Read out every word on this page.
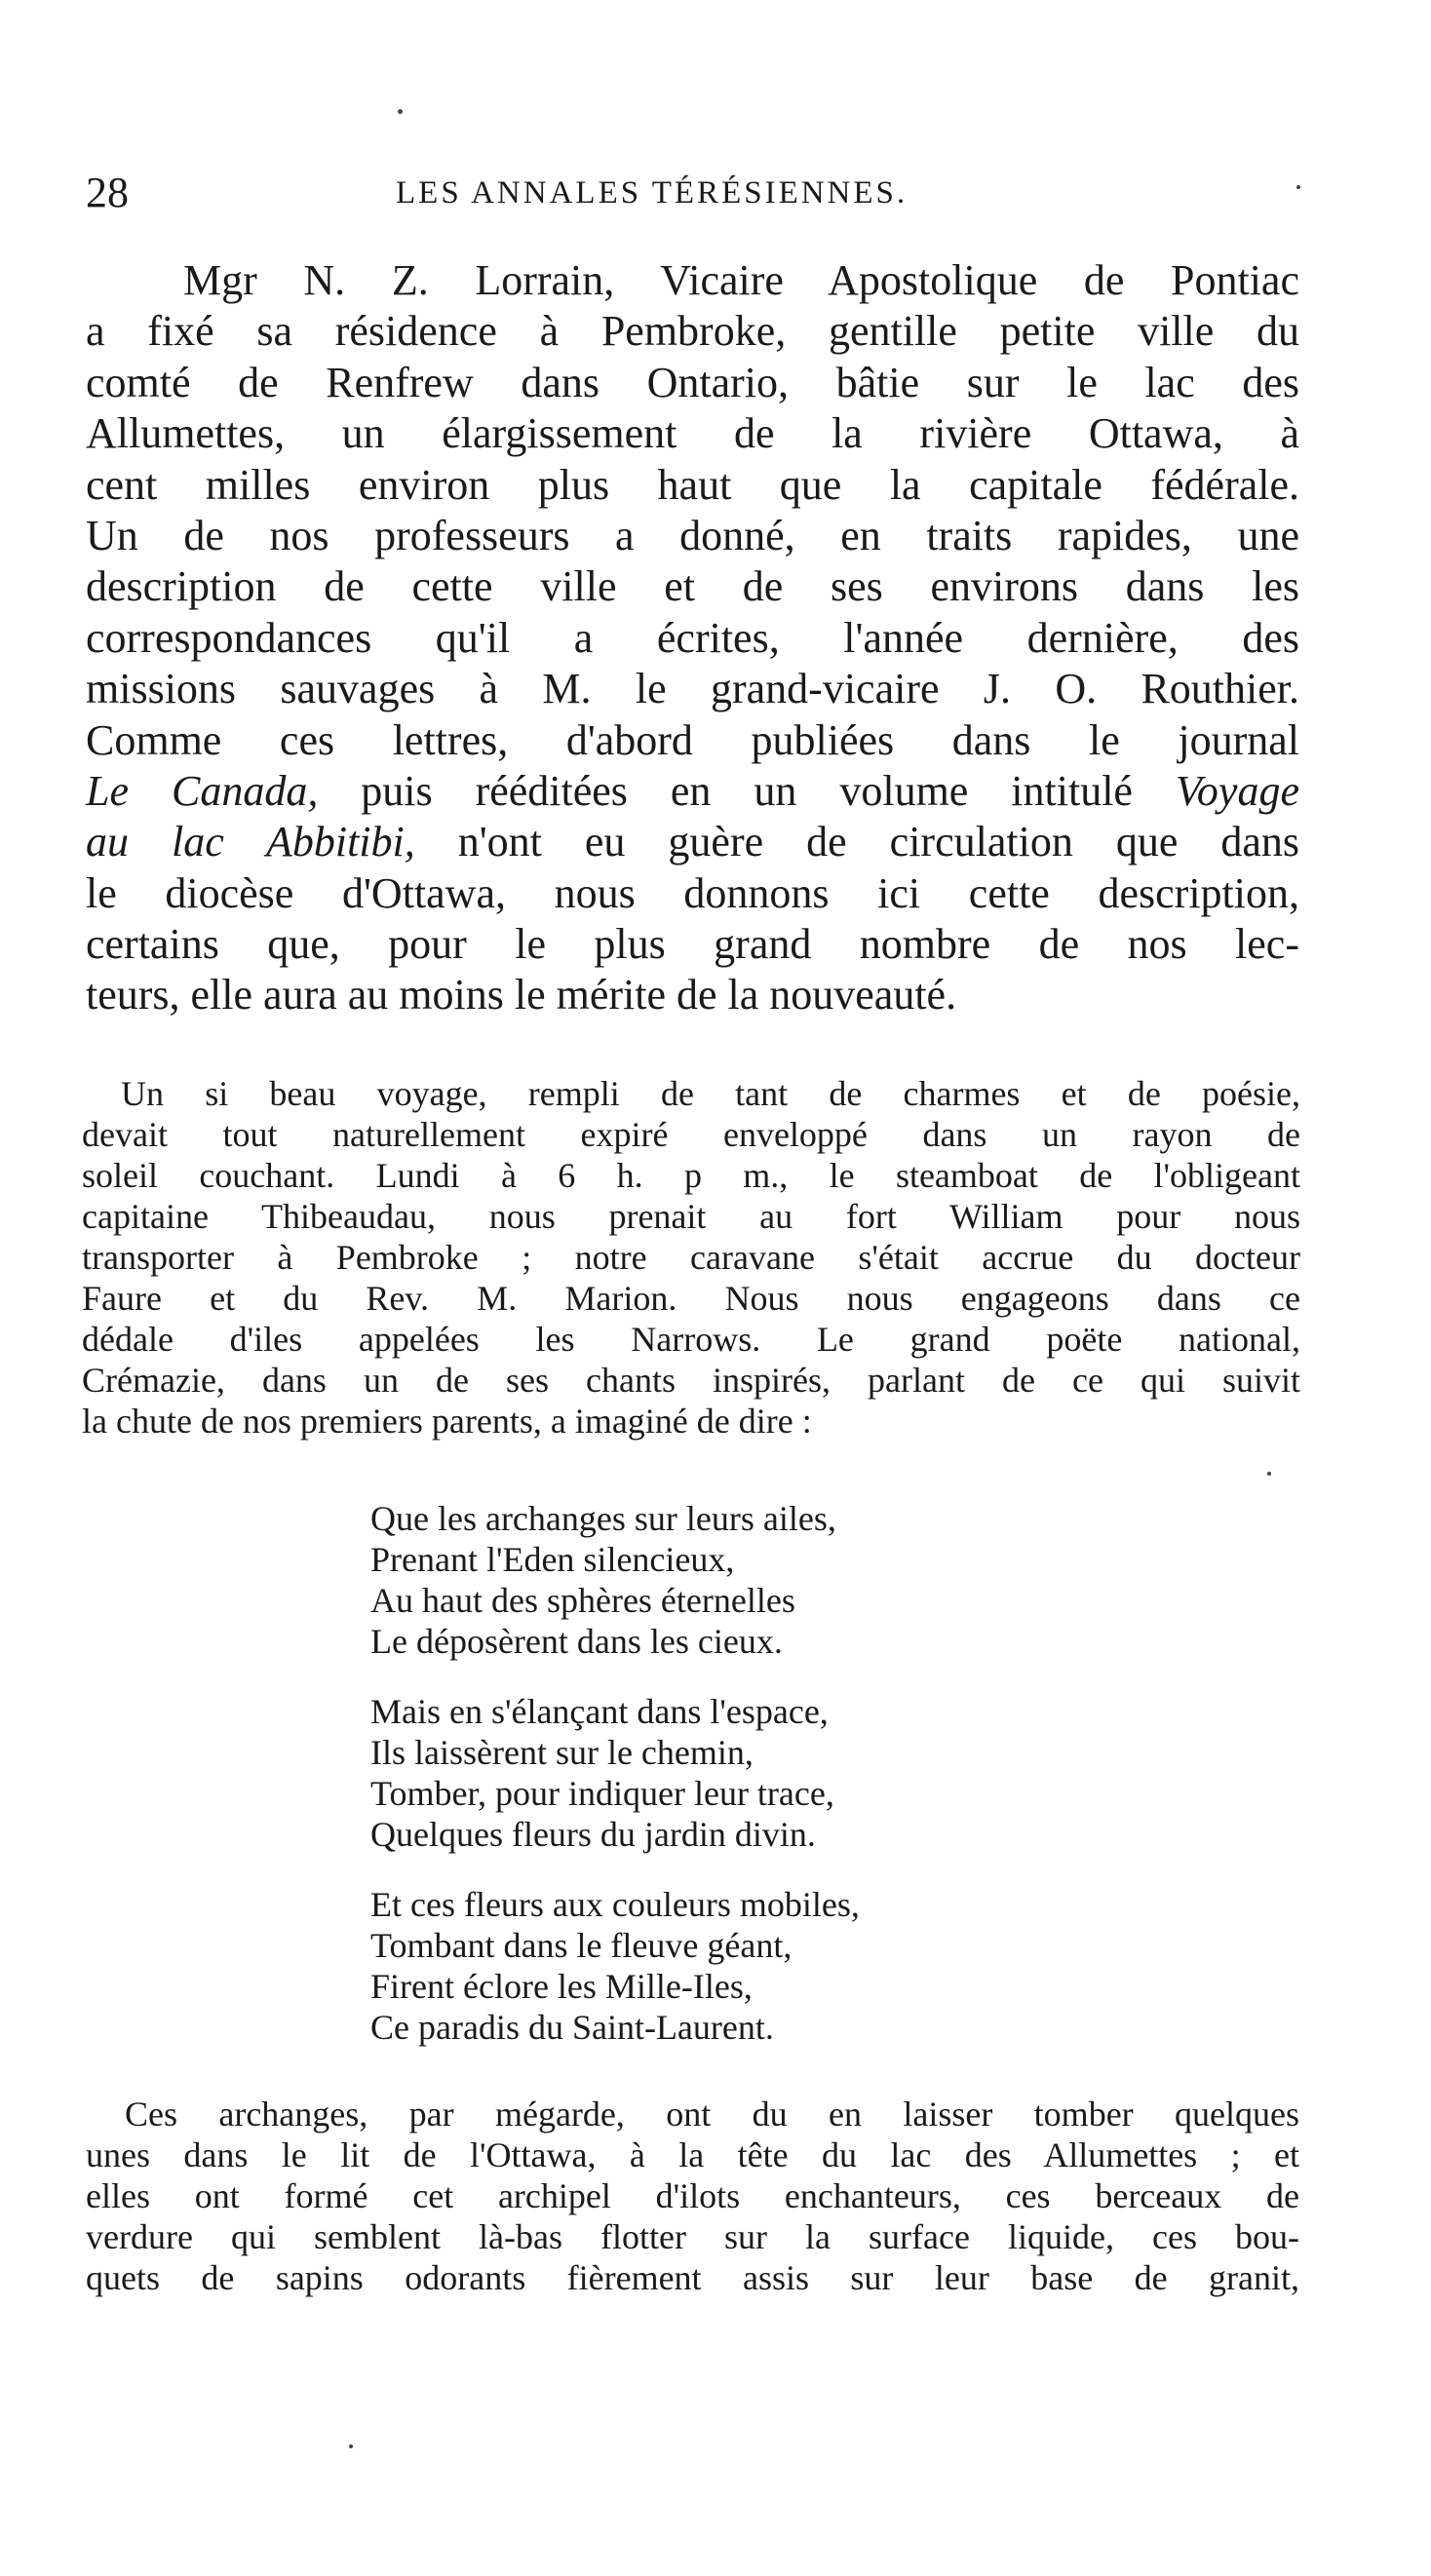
28	LES ANNALES TÉRÉSIENNES.
Mgr N. Z. Lorrain, Vicaire Apostolique de Pontiac
a fixé sa résidence à Pembroke, gentille petite ville du
comté de Renfrew dans Ontario, bâtie sur le lac des
Allumettes, un élargissement de la rivière Ottawa, à
cent milles environ plus haut que la capitale fédérale.
Un de nos professeurs a donné, en traits rapides, une
description de cette ville et de ses environs dans les
correspondances qu'il a écrites, l'année dernière, des
missions sauvages à M. le grand-vicaire J. O. Routhier.
Comme ces lettres, d'abord publiées dans le journal
Le Canada, puis rééditées en un volume intitulé Voyage
au lac Abbitibi, n'ont eu guère de circulation que dans
le diocèse d'Ottawa, nous donnons ici cette description,
certains que, pour le plus grand nombre de nos lec-
teurs, elle aura au moins le mérite de la nouveauté.
Un si beau voyage, rempli de tant de charmes et de poésie,
devait tout naturellement expiré enveloppé dans un rayon de
soleil couchant. Lundi à 6 h. p m., le steamboat de l'obligeant
capitaine Thibeaudau, nous prenait au fort William pour nous
transporter à Pembroke ; notre caravane s'était accrue du docteur
Faure et du Rev. M. Marion. Nous nous engageons dans ce
dédale d'iles appelées les Narrows. Le grand poëte national,
Crémazie, dans un de ses chants inspirés, parlant de ce qui suivit
la chute de nos premiers parents, a imaginé de dire :
Que les archanges sur leurs ailes,
Prenant l'Eden silencieux,
Au haut des sphères éternelles
Le déposèrent dans les cieux.
Mais en s'élançant dans l'espace,
Ils laissèrent sur le chemin,
Tomber, pour indiquer leur trace,
Quelques fleurs du jardin divin.
Et ces fleurs aux couleurs mobiles,
Tombant dans le fleuve géant,
Firent éclore les Mille-Iles,
Ce paradis du Saint-Laurent.
Ces archanges, par mégarde, ont du en laisser tomber quelques
unes dans le lit de l'Ottawa, à la tête du lac des Allumettes ; et
elles ont formé cet archipel d'ilots enchanteurs, ces berceaux de
verdure qui semblent là-bas flotter sur la surface liquide, ces bou-
quets de sapins odorants fièrement assis sur leur base de granit,
